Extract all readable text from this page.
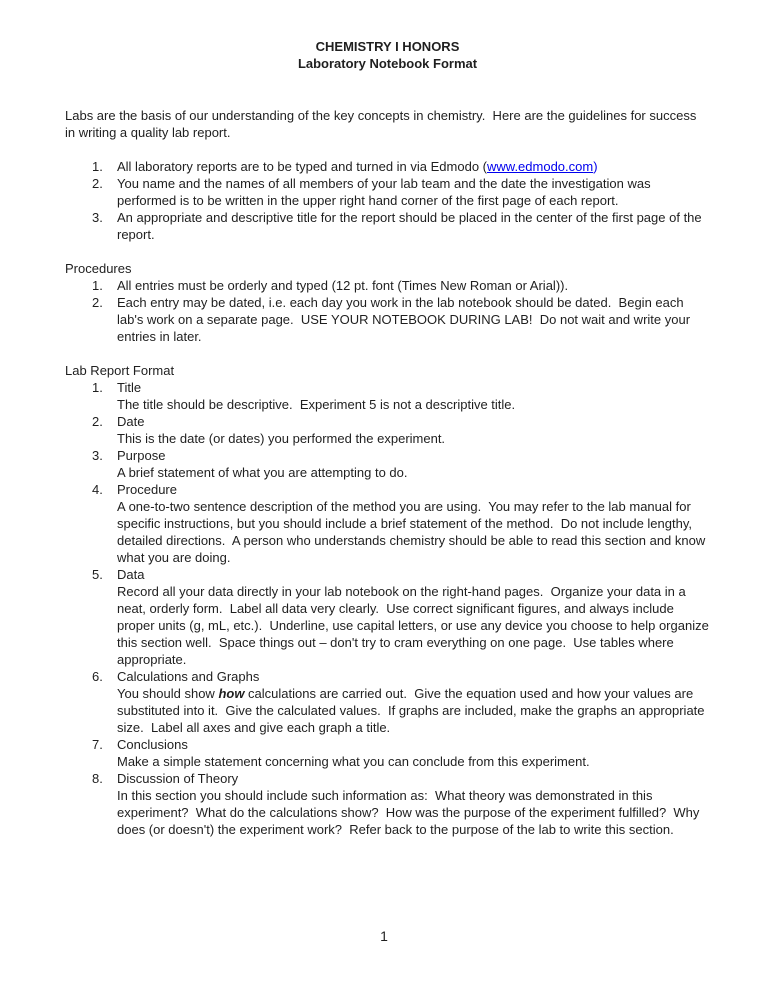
CHEMISTRY I HONORS
Laboratory Notebook Format
Labs are the basis of our understanding of the key concepts in chemistry.  Here are the guidelines for success in writing a quality lab report.
1.	All laboratory reports are to be typed and turned in via Edmodo (www.edmodo.com)
2.	You name and the names of all members of your lab team and the date the investigation was performed is to be written in the upper right hand corner of the first page of each report.
3.	An appropriate and descriptive title for the report should be placed in the center of the first page of the report.
Procedures
1.	All entries must be orderly and typed (12 pt. font (Times New Roman or Arial)).
2.	Each entry may be dated, i.e. each day you work in the lab notebook should be dated.  Begin each lab's work on a separate page.  USE YOUR NOTEBOOK DURING LAB!  Do not wait and write your entries in later.
Lab Report Format
1.	Title
The title should be descriptive.  Experiment 5 is not a descriptive title.
2.	Date
This is the date (or dates) you performed the experiment.
3.	Purpose
A brief statement of what you are attempting to do.
4.	Procedure
A one-to-two sentence description of the method you are using.  You may refer to the lab manual for specific instructions, but you should include a brief statement of the method.  Do not include lengthy, detailed directions.  A person who understands chemistry should be able to read this section and know what you are doing.
5.	Data
Record all your data directly in your lab notebook on the right-hand pages.  Organize your data in a neat, orderly form.  Label all data very clearly.  Use correct significant figures, and always include proper units (g, mL, etc.).  Underline, use capital letters, or use any device you choose to help organize this section well.  Space things out – don't try to cram everything on one page.  Use tables where appropriate.
6.	Calculations and Graphs
You should show how calculations are carried out.  Give the equation used and how your values are substituted into it.  Give the calculated values.  If graphs are included, make the graphs an appropriate size.  Label all axes and give each graph a title.
7.	Conclusions
Make a simple statement concerning what you can conclude from this experiment.
8.	Discussion of Theory
In this section you should include such information as:  What theory was demonstrated in this experiment?  What do the calculations show?  How was the purpose of the experiment fulfilled?  Why does (or doesn't) the experiment work?  Refer back to the purpose of the lab to write this section.
1
